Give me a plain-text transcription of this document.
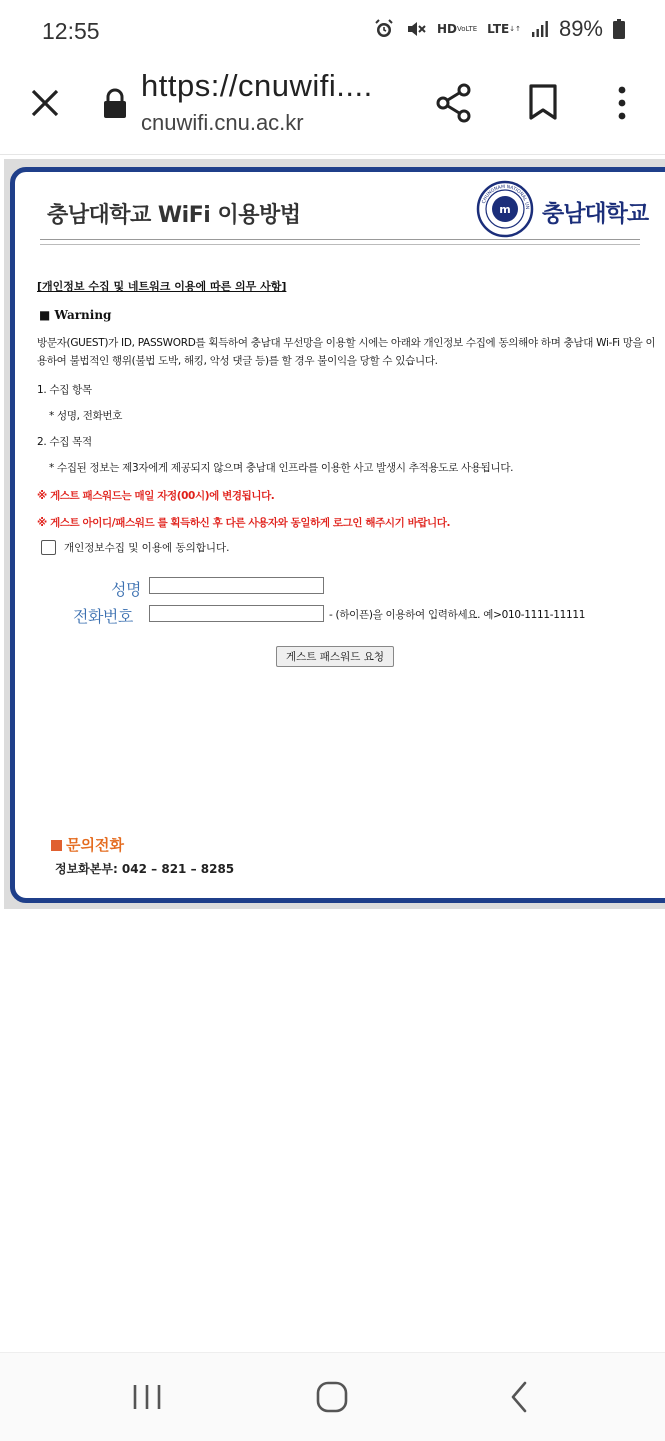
12:55	HD VoLTE LTE ↓↑ 89%
https://cnuwifi....
cnuwifi.cnu.ac.kr
충남대학교 WiFi 이용방법	m
CHUNGNAM NATIONAL UN 충남대학교
[개인정보 수집 및 네트워크 이용에 따른 의무 사항]
■ Warning
방문자(GUEST)가 ID, PASSWORD를 획득하여 충남대 무선망을 이용할 시에는 아래와 개인정보 수집에 동의해야 하며 충남대 Wi-Fi 망을 이용하여 불법적인 행위(불법 도박, 해킹, 악성 댓글 등)를 할 경우 불이익을 당할 수 있습니다.
1. 수집 항목
* 성명, 전화번호
2. 수집 목적
* 수집된 정보는 제3자에게 제공되지 않으며 충남대 인프라를 이용한 사고 발생시 추적용도로 사용됩니다.
※ 게스트 패스워드는 매일 자정(00시)에 변경됩니다.
※ 게스트 아이디/패스워드 를 획득하신 후 다른 사용자와 동일하게 로그인 해주시기 바랍니다.
개인정보수집 및 이용에 동의합니다.
성명
전화번호	- (하이픈)을 이용하여 입력하세요. 예>010-1111-11111
게스트 패스워드 요청
문의전화
정보화본부: 042 – 821 – 8285
